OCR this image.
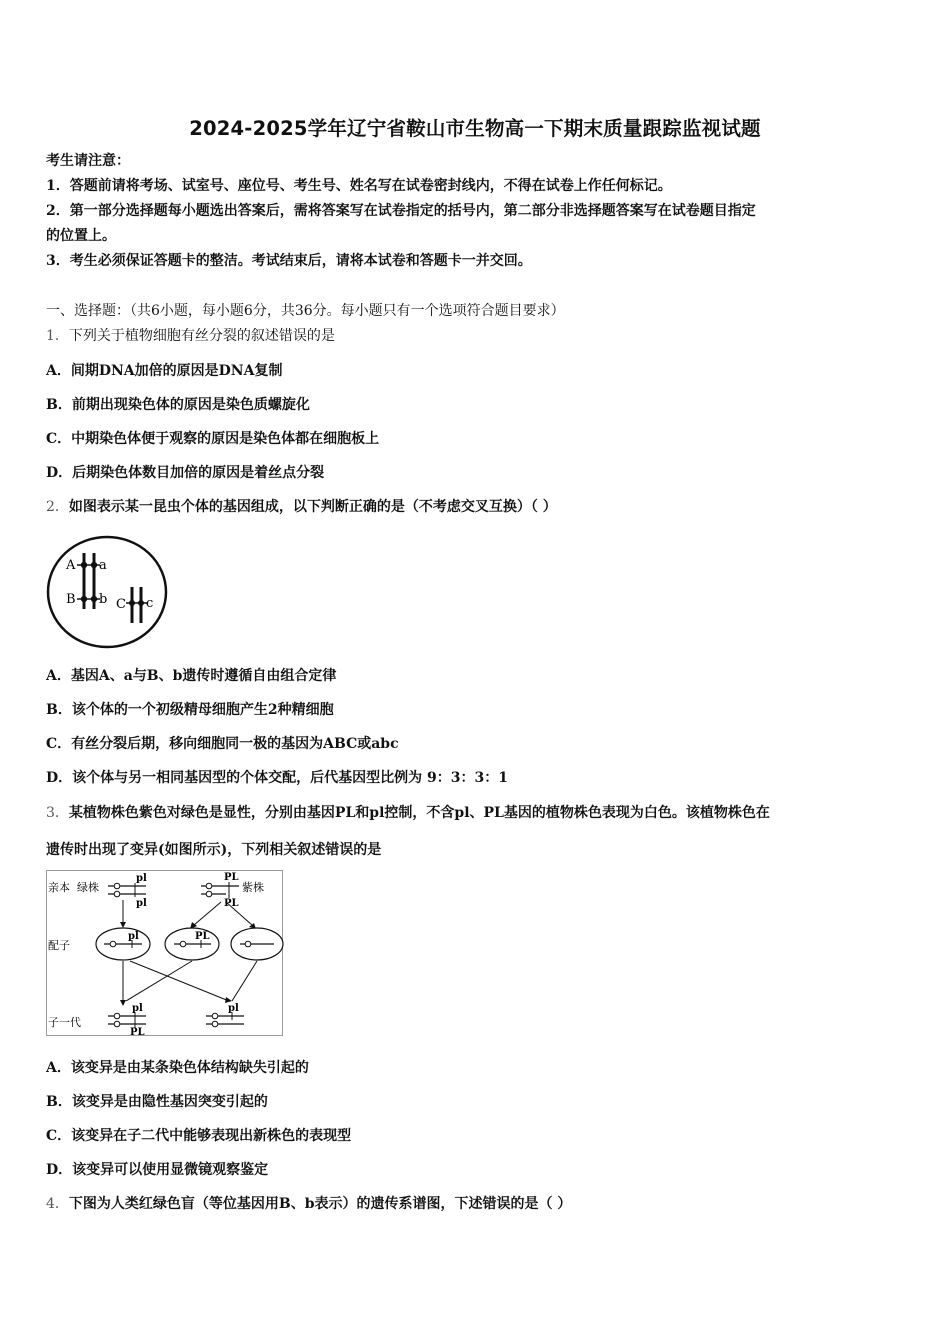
2024-2025学年辽宁省鞍山市生物高一下期末质量跟踪监视试题
考生请注意：
1．答题前请将考场、试室号、座位号、考生号、姓名写在试卷密封线内，不得在试卷上作任何标记。
2．第一部分选择题每小题选出答案后，需将答案写在试卷指定的括号内，第二部分非选择题答案写在试卷题目指定
的位置上。
3．考生必须保证答题卡的整洁。考试结束后，请将本试卷和答题卡一并交回。
一、选择题：（共6小题，每小题6分，共36分。每小题只有一个选项符合题目要求）
1．下列关于植物细胞有丝分裂的叙述错误的是
A．间期DNA加倍的原因是DNA复制
B．前期出现染色体的原因是染色质螺旋化
C．中期染色体便于观察的原因是染色体都在细胞板上
D．后期染色体数目加倍的原因是着丝点分裂
2．如图表示某一昆虫个体的基因组成，以下判断正确的是（不考虑交叉互换）（ ）
A a
B b C c
A．基因A、a与B、b遗传时遵循自由组合定律
B．该个体的一个初级精母细胞产生2种精细胞
C．有丝分裂后期，移向细胞同一极的基因为ABC或abc
D．该个体与另一相同基因型的个体交配，后代基因型比例为 9：3：3：1
3．某植物株色紫色对绿色是显性，分别由基因PL和pl控制，不含pl、PL基因的植物株色表现为白色。该植物株色在
遗传时出现了变异(如图所示)，下列相关叙述错误的是
亲本 绿株
配子
子一代
pl
pl
PL
PL
紫株
pl	PL
pl
PL
pl
A．该变异是由某条染色体结构缺失引起的
B．该变异是由隐性基因突变引起的
C．该变异在子二代中能够表现出新株色的表现型
D．该变异可以使用显微镜观察鉴定
4．下图为人类红绿色盲（等位基因用B、b表示）的遗传系谱图，下述错误的是（ ）
